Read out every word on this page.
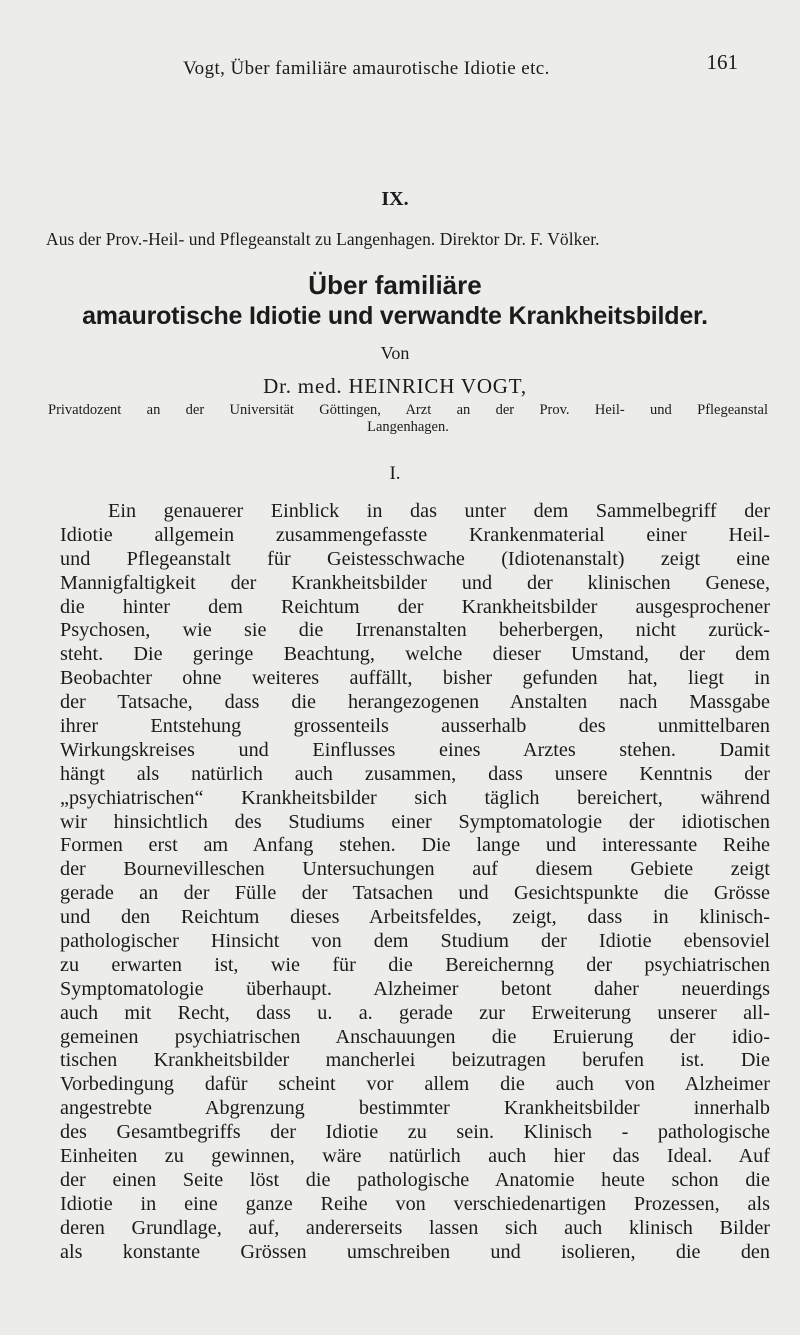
Vogt, Über familiäre amaurotische Idiotie etc.	161
IX.
Aus der Prov.-Heil- und Pflegeanstalt zu Langenhagen. Direktor Dr. F. Völker.
Über familiäre
amaurotische Idiotie und verwandte Krankheitsbilder.
Von
Dr. med. HEINRICH VOGT,
Privatdozent an der Universität Göttingen, Arzt an der Prov. Heil- und Pflegeanstal
Langenhagen.
I.
Ein genauerer Einblick in das unter dem Sammelbegriff der
Idiotie allgemein zusammengefasste Krankenmaterial einer Heil-
und Pflegeanstalt für Geistesschwache (Idiotenanstalt) zeigt eine
Mannigfaltigkeit der Krankheitsbilder und der klinischen Genese,
die hinter dem Reichtum der Krankheitsbilder ausgesprochener
Psychosen, wie sie die Irrenanstalten beherbergen, nicht zurück-
steht. Die geringe Beachtung, welche dieser Umstand, der dem
Beobachter ohne weiteres auffällt, bisher gefunden hat, liegt in
der Tatsache, dass die herangezogenen Anstalten nach Massgabe
ihrer Entstehung grossenteils ausserhalb des unmittelbaren
Wirkungskreises und Einflusses eines Arztes stehen. Damit
hängt als natürlich auch zusammen, dass unsere Kenntnis der
„psychiatrischen“ Krankheitsbilder sich täglich bereichert, während
wir hinsichtlich des Studiums einer Symptomatologie der idiotischen
Formen erst am Anfang stehen. Die lange und interessante Reihe
der Bournevilleschen Untersuchungen auf diesem Gebiete zeigt
gerade an der Fülle der Tatsachen und Gesichtspunkte die Grösse
und den Reichtum dieses Arbeitsfeldes, zeigt, dass in klinisch-
pathologischer Hinsicht von dem Studium der Idiotie ebensoviel
zu erwarten ist, wie für die Bereichernng der psychiatrischen
Symptomatologie überhaupt. Alzheimer betont daher neuerdings
auch mit Recht, dass u. a. gerade zur Erweiterung unserer all-
gemeinen psychiatrischen Anschauungen die Eruierung der idio-
tischen Krankheitsbilder mancherlei beizutragen berufen ist. Die
Vorbedingung dafür scheint vor allem die auch von Alzheimer
angestrebte Abgrenzung bestimmter Krankheitsbilder innerhalb
des Gesamtbegriffs der Idiotie zu sein. Klinisch - pathologische
Einheiten zu gewinnen, wäre natürlich auch hier das Ideal. Auf
der einen Seite löst die pathologische Anatomie heute schon die
Idiotie in eine ganze Reihe von verschiedenartigen Prozessen, als
deren Grundlage, auf, andererseits lassen sich auch klinisch Bilder
als konstante Grössen umschreiben und isolieren, die den
